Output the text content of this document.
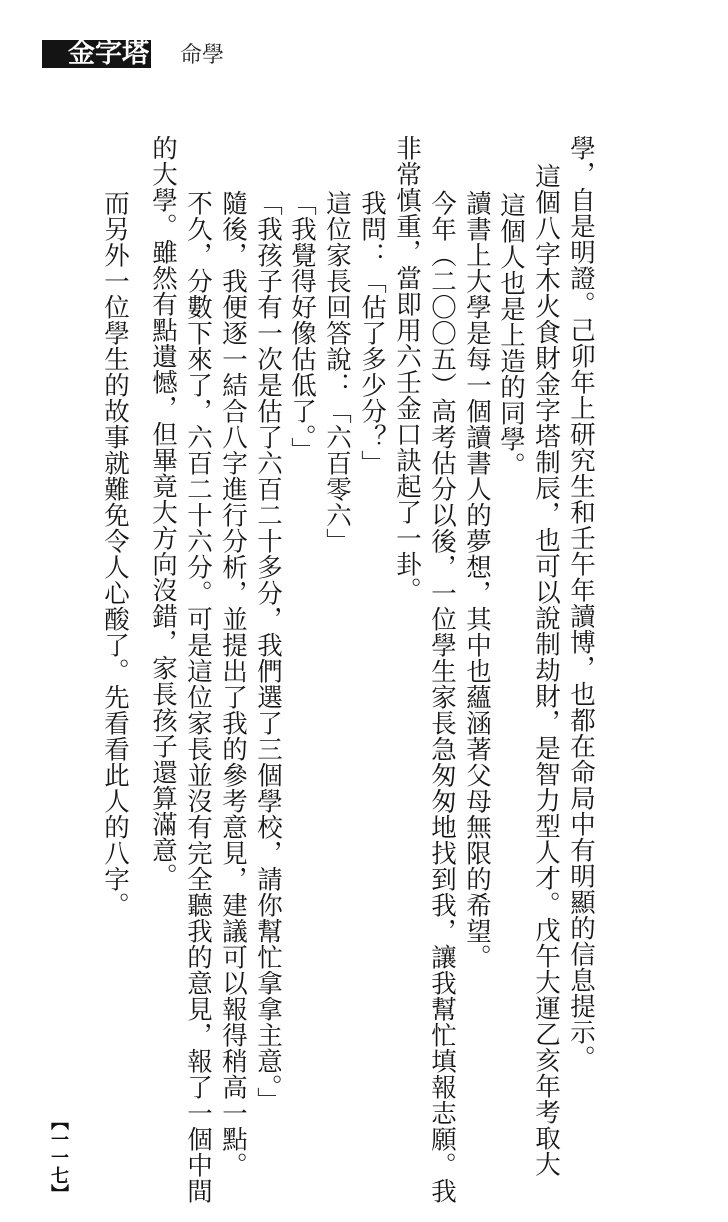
金字塔 命學
學，自是明證。己卯年上研究生和壬午年讀博，也都在命局中有明顯的信息提示。
這個八字木火食財金字塔制辰，也可以說制劫財，是智力型人才。戊午大運乙亥年考取大
這個人也是上造的同學。
讀書上大學是每一個讀書人的夢想，其中也蘊涵著父母無限的希望。
今年（二〇〇五）高考估分以後，一位學生家長急匆匆地找到我，讓我幫忙填報志願。我
非常慎重，當即用六壬金口訣起了一卦。
我問：「估了多少分？」
這位家長回答說：「六百零六」
「我覺得好像估低了。」
「我孩子有一次是估了六百二十多分，我們選了三個學校，請你幫忙拿拿主意。」
隨後，我便逐一結合八字進行分析，並提出了我的參考意見，建議可以報得稍高一點。
不久，分數下來了，六百二十六分。可是這位家長並沒有完全聽我的意見，報了一個中間
的大學。雖然有點遺憾，但畢竟大方向沒錯，家長孩子還算滿意。
而另外一位學生的故事就難免令人心酸了。先看看此人的八字。
【一一七】
